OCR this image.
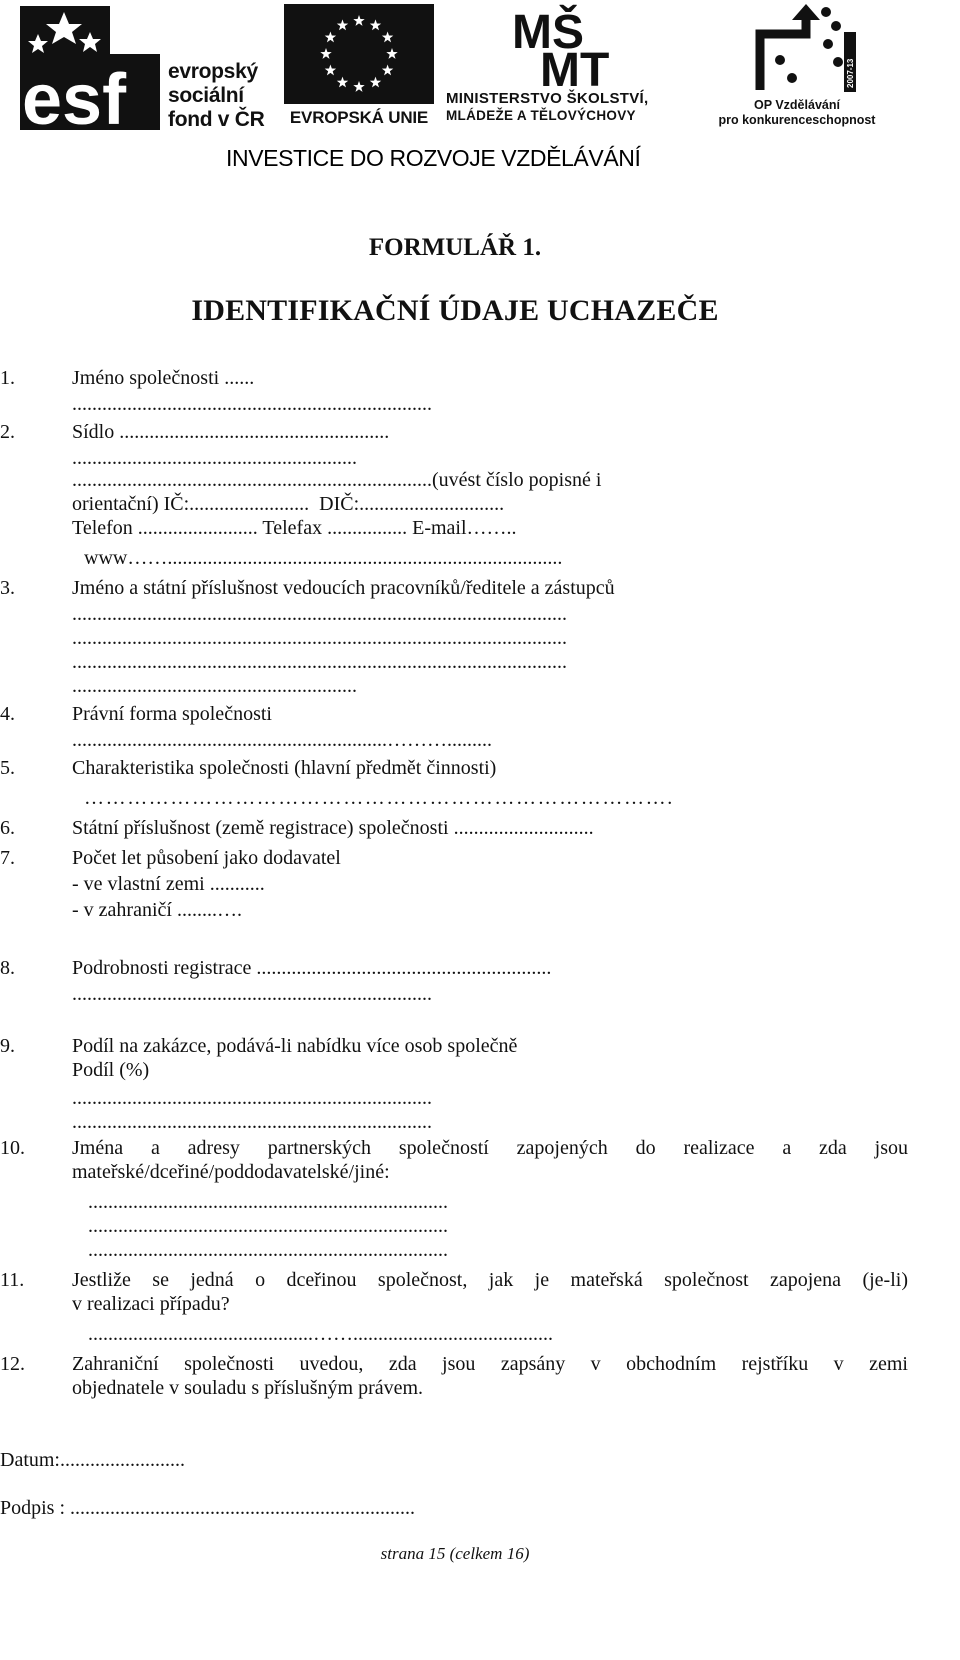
esf evropský
sociální
fond v ČR	EVROPSKÁ UNIE
MŠ
MT
MINISTERSTVO ŠKOLSTVÍ,
MLÁDEŽE A TĚLOVÝCHOVY
2007-13
OP Vzdělávání
pro konkurenceschopnost
INVESTICE DO ROZVOJE VZDĚLÁVÁNÍ
FORMULÁŘ 1.
IDENTIFIKAČNÍ ÚDAJE UCHAZEČE
1.	Jméno společnosti ......
........................................................................
2.	Sídlo ......................................................
.........................................................
........................................................................(uvést číslo popisné i
orientační) IČ:........................  DIČ:.............................
Telefon ........................ Telefax ................ E-mail……..
www……...............................................................................
3.	Jméno a státní příslušnost vedoucích pracovníků/ředitele a zástupců
...................................................................................................
...................................................................................................
...................................................................................................
.........................................................
4.	Právní forma společnosti
...............................................................……….........
5.	Charakteristika společnosti (hlavní předmět činnosti)
……………………………………………………………………….
6.	Státní příslušnost (země registrace) společnosti ............................
7.	Počet let působení jako dodavatel
- ve vlastní zemi ...........
- v zahraničí ........….
8.	Podrobnosti registrace ...........................................................
........................................................................
9.	Podíl na zakázce, podává-li nabídku více osob společně
Podíl (%)
........................................................................
........................................................................
10. Jména a adresy partnerských společností zapojených do realizace a zda jsou
mateřské/dceřiné/poddodavatelské/jiné:
........................................................................
........................................................................
........................................................................
11. Jestliže se jedná o dceřinou společnost, jak je mateřská společnost zapojena (je-li)
v realizaci případu?
.............................................……........................................
12. Zahraniční společnosti uvedou, zda jsou zapsány v obchodním rejstříku v zemi
objednatele v souladu s příslušným právem.
Datum:.........................
Podpis : .....................................................................
strana 15 (celkem 16)
